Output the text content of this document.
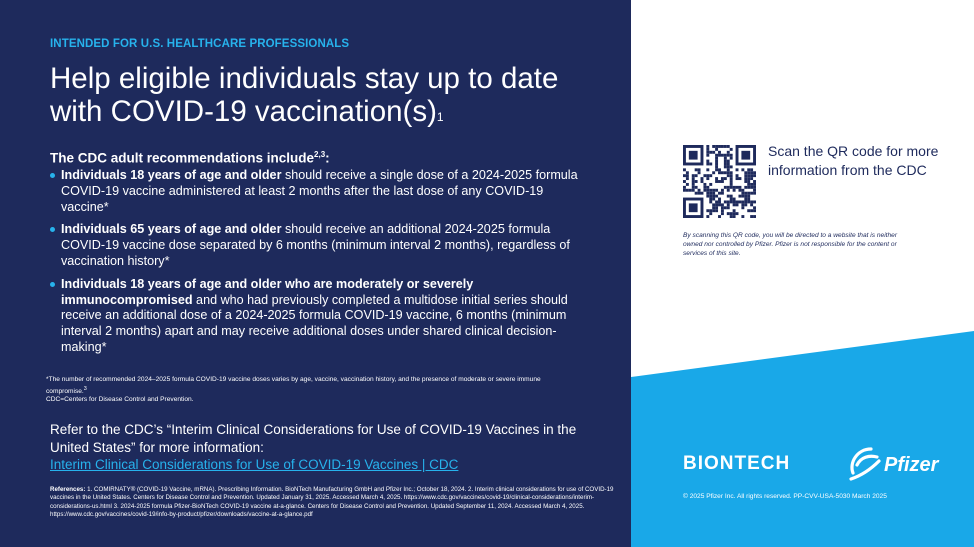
INTENDED FOR U.S. HEALTHCARE PROFESSIONALS
Help eligible individuals stay up to date with COVID-19 $vaccination(s)^1$
The CDC adult recommendations include$^{2,3}$:
Individuals 18 years of age and older should receive a single dose of a 2024-2025 formula COVID-19 vaccine administered at least 2 months after the last dose of any COVID-19 vaccine*
Individuals 65 years of age and older should receive an additional 2024-2025 formula COVID-19 vaccine dose separated by 6 months (minimum interval 2 months), regardless of vaccination history*
Individuals 18 years of age and older who are moderately or severely immunocompromised and who had previously completed a multidose initial series should receive an additional dose of a 2024-2025 formula COVID-19 vaccine, 6 months (minimum interval 2 months) apart and may receive additional doses under shared clinical decision-making*

*The number of recommended 2024–2025 formula COVID-19 vaccine doses varies by age, vaccine, vaccination history, and the presence of moderate or severe immune compromise.$^3$

CDC=Centers for Disease Control and Prevention.

Refer to the CDC’s “Interim Clinical Considerations for Use of COVID-19 Vaccines in the United States” for more information:

Interim Clinical Considerations for Use of COVID-19 Vaccines | CDC
References: 1. COMIRNATY® (COVID-19 Vaccine, mRNA). Prescribing Information. BioNTech Manufacturing GmbH and Pfizer Inc.; October 18, 2024. 2. Interim clinical considerations for use of COVID-19 vaccines in the United States. Centers for Disease Control and Prevention. Updated January 31, 2025. Accessed March 4, 2025. https://www.cdc.gov/vaccines/covid-19/clinical-considerations/interim-considerations-us.html 3. 2024-2025 formula Pfizer-BioNTech COVID-19 vaccine at-a-glance. Centers for Disease Control and Prevention. Updated September 11, 2024. Accessed March 4, 2025. https://www.cdc.gov/vaccines/covid-19/info-by-product/pfizer/downloads/vaccine-at-a-glance.pdf
Scan the QR code for more information from the CDC
By scanning this QR code, you will be directed to a website that is neither owned nor controlled by Pfizer. Pfizer is not responsible for the content or services of this site.
BIONTECH	Pfizer
© 2025 Pfizer Inc. All rights reserved. PP-CVV-USA-5030 March 2025
